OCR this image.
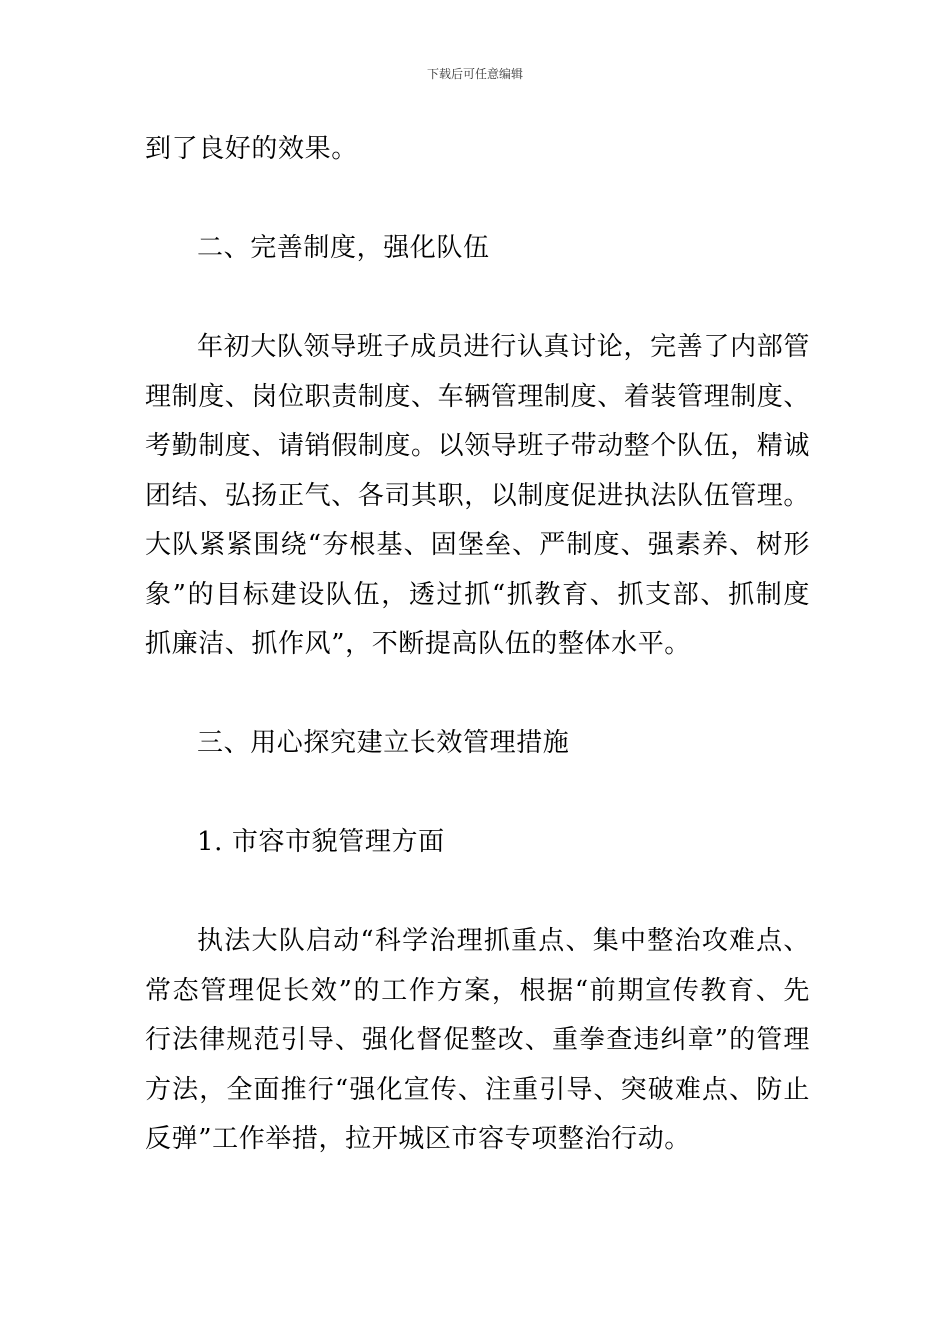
下载后可任意编辑

到了良好的效果。

二、完善制度，强化队伍

年初大队领导班子成员进行认真讨论，完善了内部管理制度、岗位职责制度、车辆管理制度、着装管理制度、考勤制度、请销假制度。以领导班子带动整个队伍，精诚团结、弘扬正气、各司其职，以制度促进执法队伍管理。大队紧紧围绕“夯根基、固堡垒、严制度、强素养、树形象”的目标建设队伍，透过抓“抓教育、抓支部、抓制度抓廉洁、抓作风”，不断提高队伍的整体水平。

三、用心探究建立长效管理措施

1. 市容市貌管理方面

执法大队启动“科学治理抓重点、集中整治攻难点、常态管理促长效”的工作方案，根据“前期宣传教育、先行法律规范引导、强化督促整改、重拳查违纠章”的管理方法，全面推行“强化宣传、注重引导、突破难点、防止反弹”工作举措，拉开城区市容专项整治行动。
